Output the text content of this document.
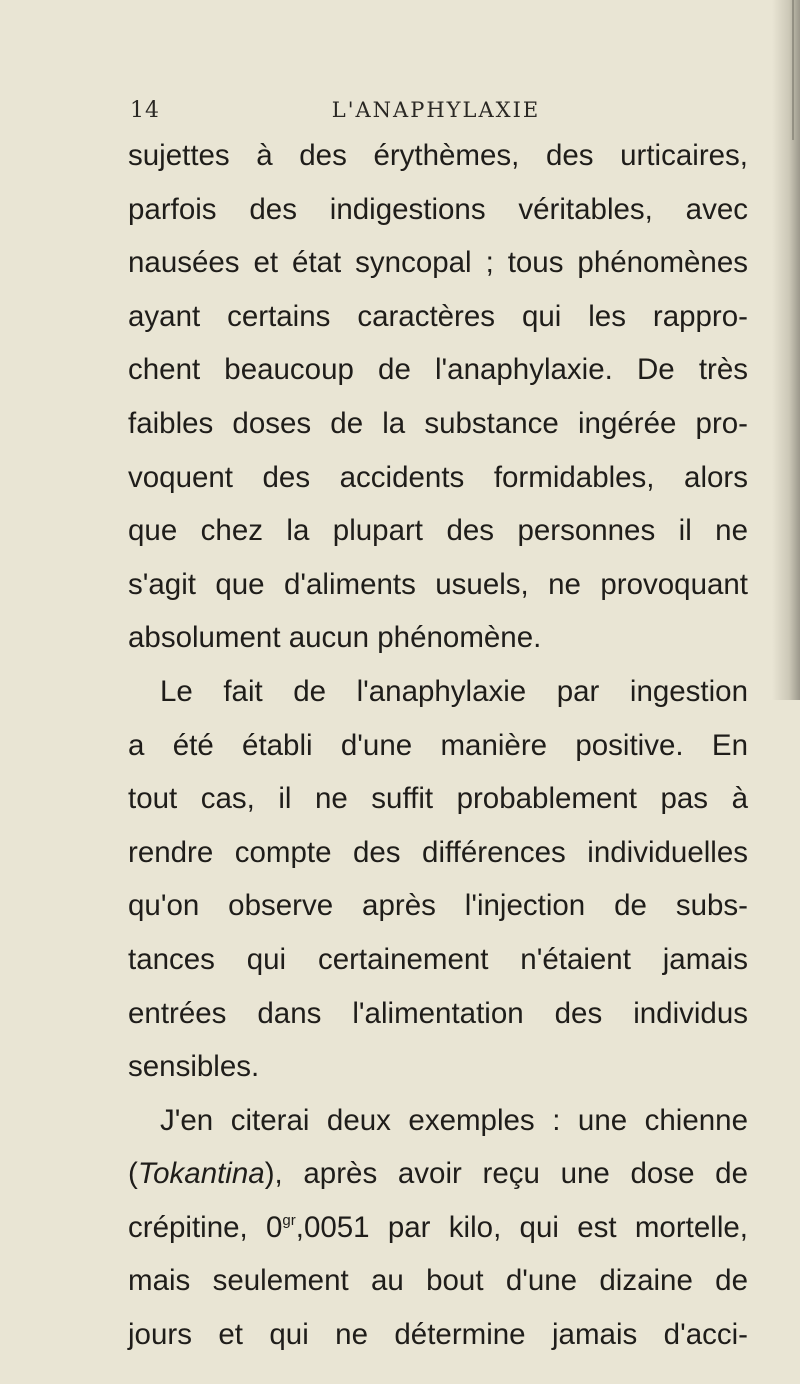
14	L'ANAPHYLAXIE
sujettes à des érythèmes, des urticaires,
parfois des indigestions véritables, avec
nausées et état syncopal ; tous phénomènes
ayant certains caractères qui les rappro-
chent beaucoup de l'anaphylaxie. De très
faibles doses de la substance ingérée pro-
voquent des accidents formidables, alors
que chez la plupart des personnes il ne
s'agit que d'aliments usuels, ne provoquant
absolument aucun phénomène.
Le fait de l'anaphylaxie par ingestion
a été établi d'une manière positive. En
tout cas, il ne suffit probablement pas à
rendre compte des différences individuelles
qu'on observe après l'injection de subs-
tances qui certainement n'étaient jamais
entrées dans l'alimentation des individus
sensibles.
J'en citerai deux exemples : une chienne
(Tokantina), après avoir reçu une dose de
crépitine, $0^{gr},0051$ par kilo, qui est mortelle,
mais seulement au bout d'une dizaine de
jours et qui ne détermine jamais d'acci-
